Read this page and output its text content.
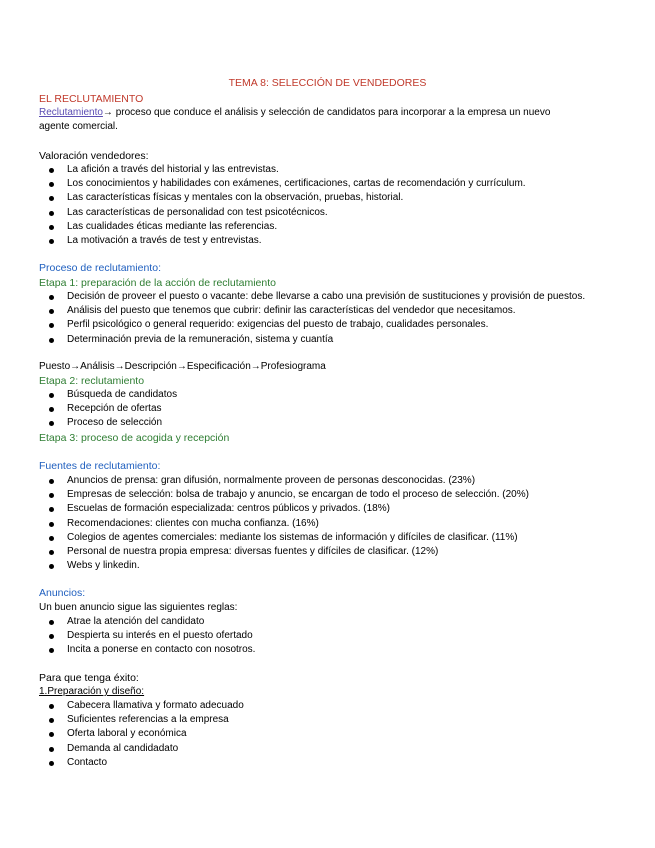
TEMA 8: SELECCIÓN DE VENDEDORES
EL RECLUTAMIENTO
Reclutamiento→ proceso que conduce el análisis y selección de candidatos para incorporar a la empresa un nuevo
agente comercial.
Valoración vendedores:
La afición a través del historial y las entrevistas.
Los conocimientos y habilidades con exámenes, certificaciones, cartas de recomendación y currículum.
Las características físicas y mentales con la observación, pruebas, historial.
Las características de personalidad con test psicotécnicos.
Las cualidades éticas mediante las referencias.
La motivación a través de test y entrevistas.
Proceso de reclutamiento:
Etapa 1: preparación de la acción de reclutamiento
Decisión de proveer el puesto o vacante: debe llevarse a cabo una previsión de sustituciones y provisión de puestos.
Análisis del puesto que tenemos que cubrir: definir las características del vendedor que necesitamos.
Perfil psicológico o general requerido: exigencias del puesto de trabajo, cualidades personales.
Determinación previa de la remuneración, sistema y cuantía
Puesto→Análisis→Descripción→Especificación→Profesiograma
Etapa 2: reclutamiento
Búsqueda de candidatos
Recepción de ofertas
Proceso de selección
Etapa 3: proceso de acogida y recepción
Fuentes de reclutamiento:
Anuncios de prensa: gran difusión, normalmente proveen de personas desconocidas. (23%)
Empresas de selección: bolsa de trabajo y anuncio, se encargan de todo el proceso de selección. (20%)
Escuelas de formación especializada: centros públicos y privados. (18%)
Recomendaciones: clientes con mucha confianza. (16%)
Colegios de agentes comerciales: mediante los sistemas de información y difíciles de clasificar. (11%)
Personal de nuestra propia empresa: diversas fuentes y difíciles de clasificar. (12%)
Webs y linkedin.
Anuncios:
Un buen anuncio sigue las siguientes reglas:
Atrae la atención del candidato
Despierta su interés en el puesto ofertado
Incita a ponerse en contacto con nosotros.
Para que tenga éxito:
1.Preparación y diseño:
Cabecera llamativa y formato adecuado
Suficientes referencias a la empresa
Oferta laboral y económica
Demanda al candidadato
Contacto
